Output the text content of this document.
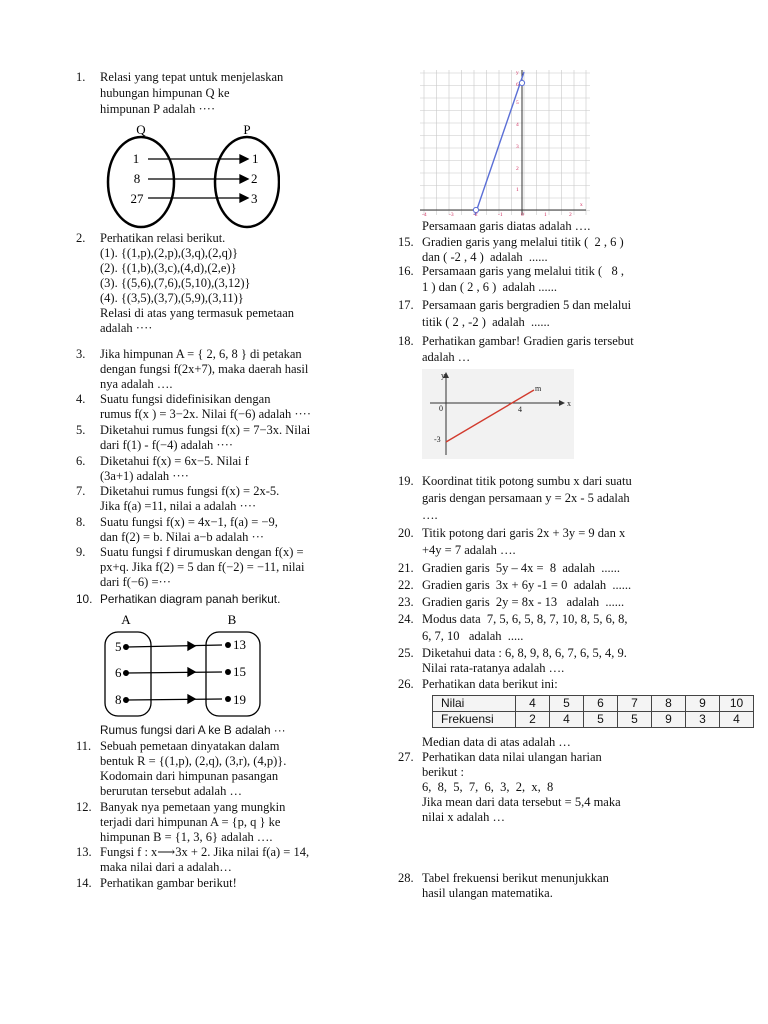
1. Relasi yang tepat untuk menjelaskan
hubungan himpunan Q ke
himpunan P adalah ····
2. Perhatikan relasi berikut.
(1). {(1,p),(2,p),(3,q),(2,q)}
(2). {(1,b),(3,c),(4,d),(2,e)}
(3). {(5,6),(7,6),(5,10),(3,12)}
(4). {(3,5),(3,7),(5,9),(3,11)}
Relasi di atas yang termasuk pemetaan
adalah ····
3. Jika himpunan A = { 2, 6, 8 } di petakan
dengan fungsi f(2x+7), maka daerah hasil
nya adalah ….
4. Suatu fungsi didefinisikan dengan
rumus f(x ) = 3−2x. Nilai f(−6) adalah ····
5. Diketahui rumus fungsi f(x) = 7−3x. Nilai
dari f(1) - f(−4) adalah ····
6. Diketahui f(x) = 6x−5. Nilai f
(3a+1) adalah ····
7. Diketahui rumus fungsi f(x) = 2x-5.
Jika f(a) =11, nilai a adalah ····
8. Suatu fungsi f(x) = 4x−1, f(a) = −9,
dan f(2) = b. Nilai a−b adalah ···
9. Suatu fungsi f dirumuskan dengan f(x) =
px+q. Jika f(2) = 5 dan f(−2) = −11, nilai
dari f(−6) =···
10. Perhatikan diagram panah berikut.
Rumus fungsi dari A ke B adalah ···
11. Sebuah pemetaan dinyatakan dalam
bentuk R = {(1,p), (2,q), (3,r), (4,p)}.
Kodomain dari himpunan pasangan
berurutan tersebut adalah …
12. Banyak nya pemetaan yang mungkin
terjadi dari himpunan A = {p, q } ke
himpunan B = {1, 3, 6} adalah ….
13. Fungsi f : x⟶3x + 2. Jika nilai f(a) = 14,
maka nilai dari a adalah…
14. Perhatikan gambar berikut!
Q	P
1
8
27
1
2
3
A	B
5
6
8
13
15
19
-4	-3	-2	-1	0	1	2
x
1
2
3
4
5
6
y
Persamaan garis diatas adalah ….
15. Gradien garis yang melalui titik (  2 , 6 )
dan ( -2 , 4 )  adalah  ......
16. Persamaan garis yang melalui titik (   8 ,
1 ) dan ( 2 , 6 )  adalah ......
17. Persamaan garis bergradien 5 dan melalui
titik ( 2 , -2 )  adalah  ......
18. Perhatikan gambar! Gradien garis tersebut
adalah …
19. Koordinat titik potong sumbu x dari suatu
garis dengan persamaan y = 2x - 5 adalah
….
20. Titik potong dari garis 2x + 3y = 9 dan x
+4y = 7 adalah ….
21. Gradien garis  5y – 4x =  8  adalah  ......
22. Gradien garis  3x + 6y -1 = 0  adalah  ......
23. Gradien garis  2y = 8x - 13   adalah  ......
24. Modus data  7, 5, 6, 5, 8, 7, 10, 8, 5, 6, 8,
6, 7, 10   adalah  .....
25. Diketahui data : 6, 8, 9, 8, 6, 7, 6, 5, 4, 9.
Nilai rata-ratanya adalah ….
26. Perhatikan data berikut ini:
Median data di atas adalah …
27. Perhatikan data nilai ulangan harian
berikut :
6,  8,  5,  7,  6,  3,  2,  x,  8
Jika mean dari data tersebut = 5,4 maka
nilai x adalah …
28. Tabel frekuensi berikut menunjukkan
hasil ulangan matematika.
y
x
m
0	4
-3
Nilai	4	5	6	7	8	9	10
Frekuensi	2	4	5	5	9	3	4
